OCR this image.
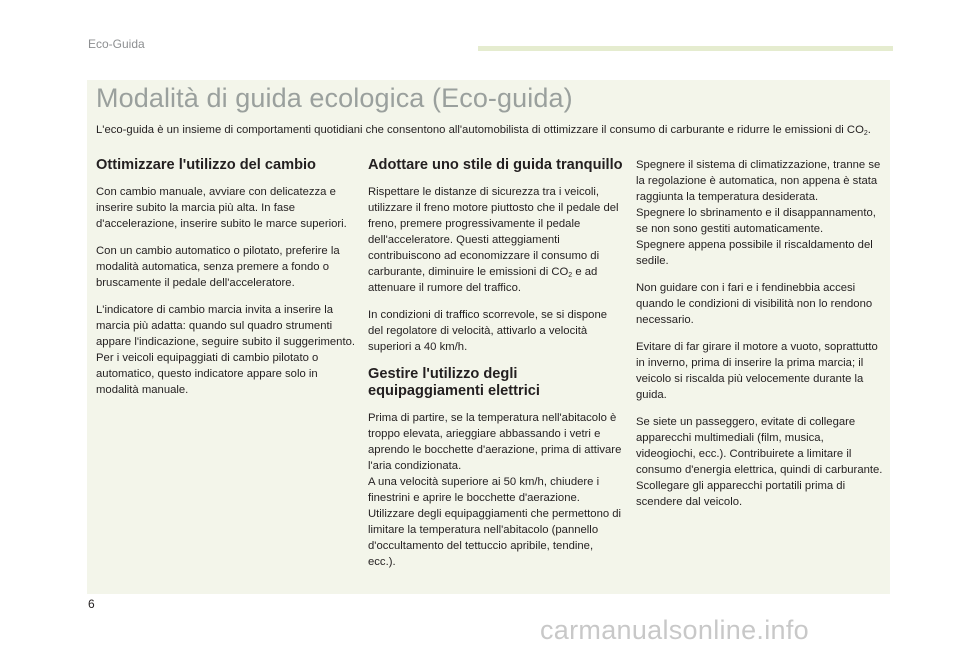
Eco-Guida
Modalità di guida ecologica (Eco-guida)

L'eco-guida è un insieme di comportamenti quotidiani che consentono all'automobilista di ottimizzare il consumo di carburante e ridurre le emissioni di $CO_2$.

Ottimizzare l'utilizzo del cambio

Con cambio manuale, avviare con delicatezza e inserire subito la marcia più alta. In fase d'accelerazione, inserire subito le marce superiori.

Con un cambio automatico o pilotato, preferire la modalità automatica, senza premere a fondo o bruscamente il pedale dell'acceleratore.

L'indicatore di cambio marcia invita a inserire la marcia più adatta: quando sul quadro strumenti appare l'indicazione, seguire subito il suggerimento.
Per i veicoli equipaggiati di cambio pilotato o automatico, questo indicatore appare solo in modalità manuale.

Adottare uno stile di guida tranquillo

Rispettare le distanze di sicurezza tra i veicoli, utilizzare il freno motore piuttosto che il pedale del freno, premere progressivamente il pedale dell'acceleratore. Questi atteggiamenti contribuiscono ad economizzare il consumo di carburante, diminuire le emissioni di $CO_2$ e ad attenuare il rumore del traffico.

In condizioni di traffico scorrevole, se si dispone del regolatore di velocità, attivarlo a velocità superiori a 40 km/h.

Gestire l'utilizzo degli equipaggiamenti elettrici

Prima di partire, se la temperatura nell'abitacolo è troppo elevata, arieggiare abbassando i vetri e aprendo le bocchette d'aerazione, prima di attivare l'aria condizionata.
A una velocità superiore ai 50 km/h, chiudere i finestrini e aprire le bocchette d'aerazione.
Utilizzare degli equipaggiamenti che permettono di limitare la temperatura nell'abitacolo (pannello d'occultamento del tettuccio apribile, tendine, ecc.).

Spegnere il sistema di climatizzazione, tranne se la regolazione è automatica, non appena è stata raggiunta la temperatura desiderata.
Spegnere lo sbrinamento e il disappannamento, se non sono gestiti automaticamente.
Spegnere appena possibile il riscaldamento del sedile.

Non guidare con i fari e i fendinebbia accesi quando le condizioni di visibilità non lo rendono necessario.

Evitare di far girare il motore a vuoto, soprattutto in inverno, prima di inserire la prima marcia; il veicolo si riscalda più velocemente durante la guida.

Se siete un passeggero, evitate di collegare apparecchi multimediali (film, musica, videogiochi, ecc.). Contribuirete a limitare il consumo d'energia elettrica, quindi di carburante.
Scollegare gli apparecchi portatili prima di scendere dal veicolo.

6
carmanualsonline.info
